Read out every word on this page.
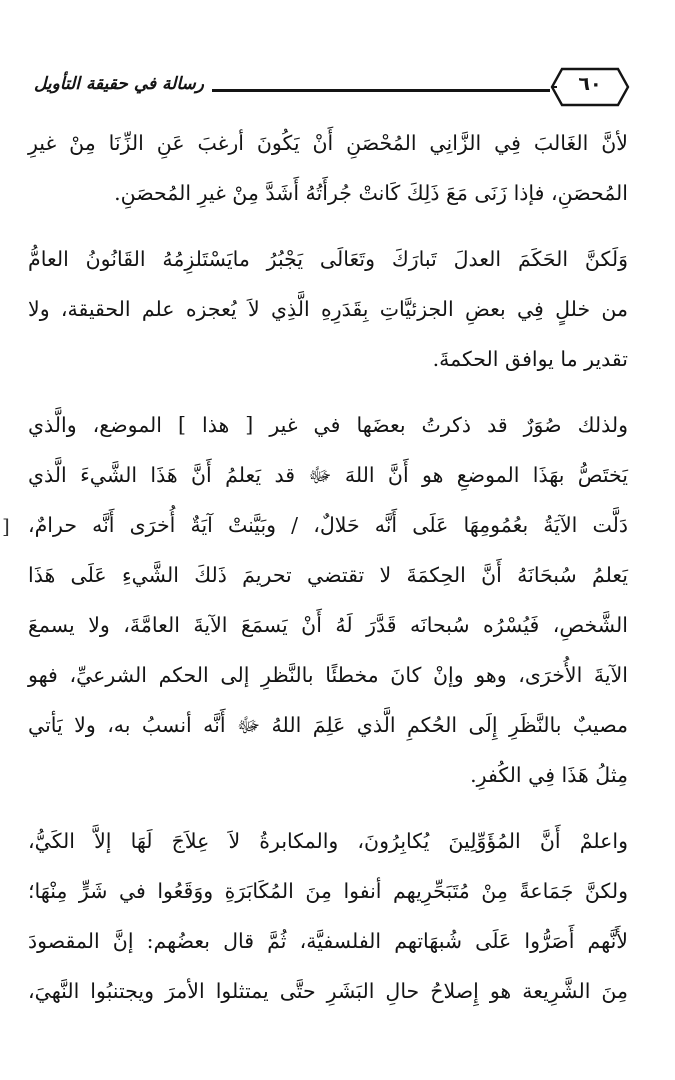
رسالة في حقيقة التأويل	٦٠
]
لأنَّ الغَالبَ فِي الزَّانِي المُحْصَنِ أَنْ يَكُونَ أرغبَ عَنِ الزِّنَا مِنْ غيرِ
المُحصَنِ، فإذا زَنَى مَعَ ذَلِكَ كَانتْ جُرأَتُهُ أَشَدَّ مِنْ غيرِ المُحصَنِ.
وَلَكنَّ الحَكَمَ العدلَ تَبارَكَ وتَعَالَى يَجْبُرُ مايَسْتَلزِمُهُ القَانُونُ العامُّ
من خللٍ فِي بعضِ الجزئيَّاتِ بِقَدَرِهِ الَّذِي لاَ يُعجزه علم الحقيقة، ولا
تقدير ما يوافق الحكمةَ.
ولذلك صُوَرٌ قد ذكرتُ بعضَها في غير [ هذا ] الموضع، والَّذي
يَختَصُّ بهَذَا الموضعِ هو أَنَّ اللهَ ﷻ قد يَعلمُ أَنَّ هَذَا الشَّيءَ الَّذي
دَلَّت الآيَةُ بعُمُومِهَا عَلَى أَنَّه حَلالٌ، / وبَيَّنتْ آيَةٌ أُخرَى أَنَّه حرامٌ،
يَعلمُ سُبحَانَهُ أَنَّ الحِكمَةَ لا تقتضي تحريمَ ذَلكَ الشَّيءِ عَلَى هَذَا
الشَّخصِ، فَيُسْرُه سُبحانَه قَدَّرَ لَهُ أَنْ يَسمَعَ الآيةَ العامَّةَ، ولا يسمعَ
الآيةَ الأُخرَى، وهو وإنْ كانَ مخطئًا بالنَّظرِ إلى الحكم الشرعيِّ، فهو
مصيبٌ بالنَّظَرِ إِلَى الحُكمِ الَّذي عَلِمَ اللهُ ﷻ أَنَّه أنسبُ به، ولا يَأتي
مِثلُ هَذَا فِي الكُفرِ.
واعلمْ أَنَّ المُؤَوِّلِينَ يُكابِرُونَ، والمكابرةُ لاَ عِلاَجَ لَهَا إلاَّ الكَيُّ،
ولكنَّ جَمَاعةً مِنْ مُتَبَحِّرِيهم أنفوا مِنَ المُكَابَرَةِ ووَقَعُوا في شَرٍّ مِنْهَا؛
لأَنَّهم أَصَرُّوا عَلَى شُبهَاتهم الفلسفيَّة، ثُمَّ قال بعضُهم: إنَّ المقصودَ
مِنَ الشَّرِيعة هو إِصلاحُ حالِ البَشَرِ حتَّى يمتثلوا الأمرَ ويجتنبُوا النَّهيَ،
